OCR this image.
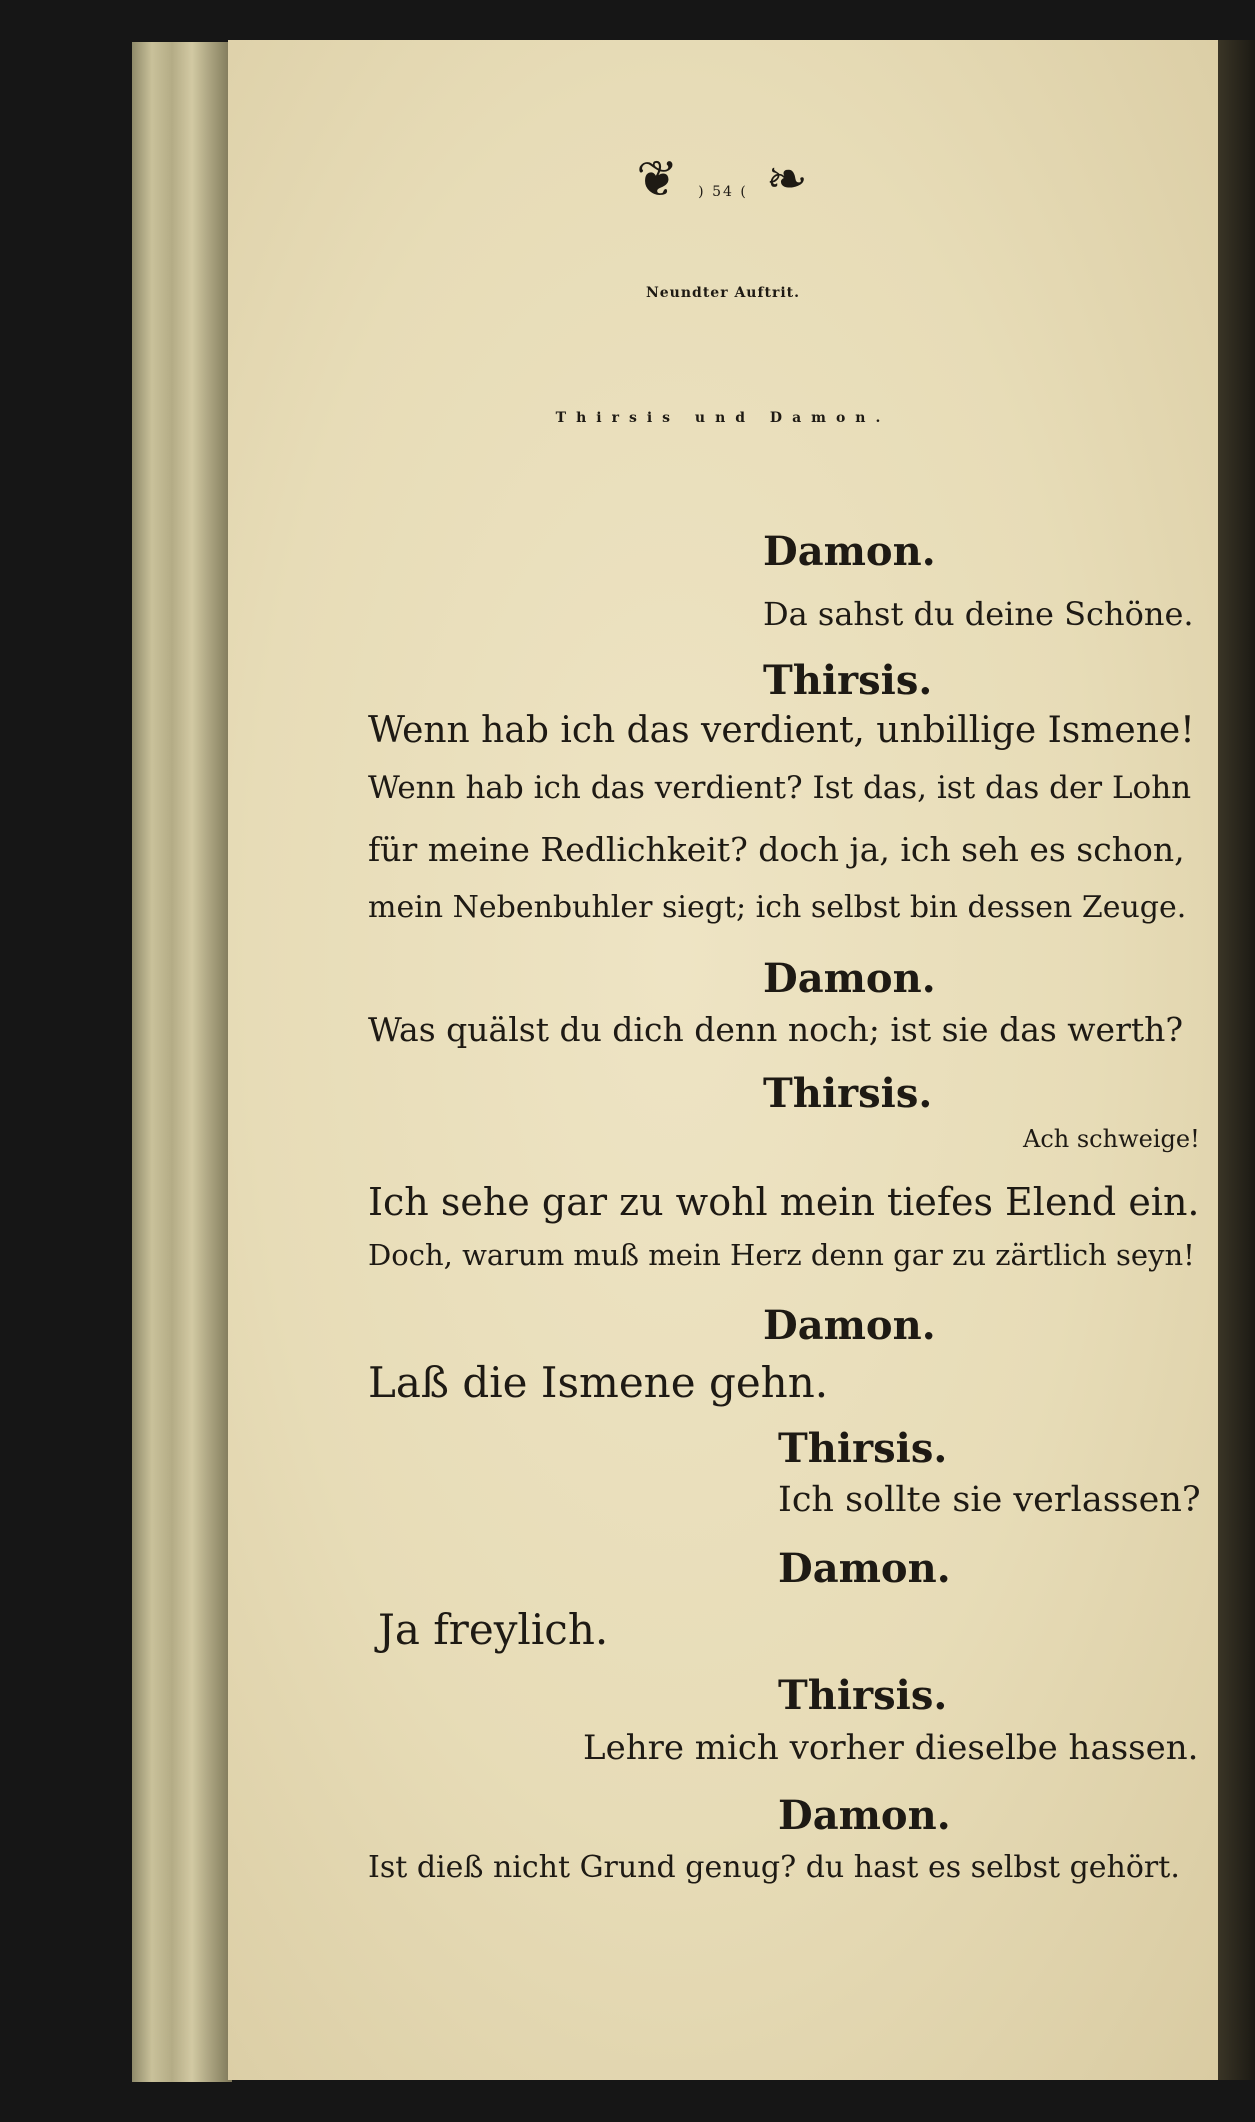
❦ ) 54 ( ❧
Neundter Auftrit.
Thirsis und Damon.
Damon.
Da sahst du deine Schöne.
Thirsis.
Wenn hab ich das verdient, unbillige Ismene!
Wenn hab ich das verdient? Ist das, ist das der Lohn
für meine Redlichkeit? doch ja, ich seh es schon,
mein Nebenbuhler siegt; ich selbst bin dessen Zeuge.
Damon.
Was quälst du dich denn noch; ist sie das werth?
Thirsis.
Ach schweige!
Ich sehe gar zu wohl mein tiefes Elend ein.
Doch, warum muß mein Herz denn gar zu zärtlich seyn!
Damon.
Laß die Ismene gehn.
Thirsis.
Ich sollte sie verlassen?
Damon.
Ja freylich.
Thirsis.
Lehre mich vorher dieselbe hassen.
Damon.
Ist dieß nicht Grund genug? du hast es selbst gehört.
